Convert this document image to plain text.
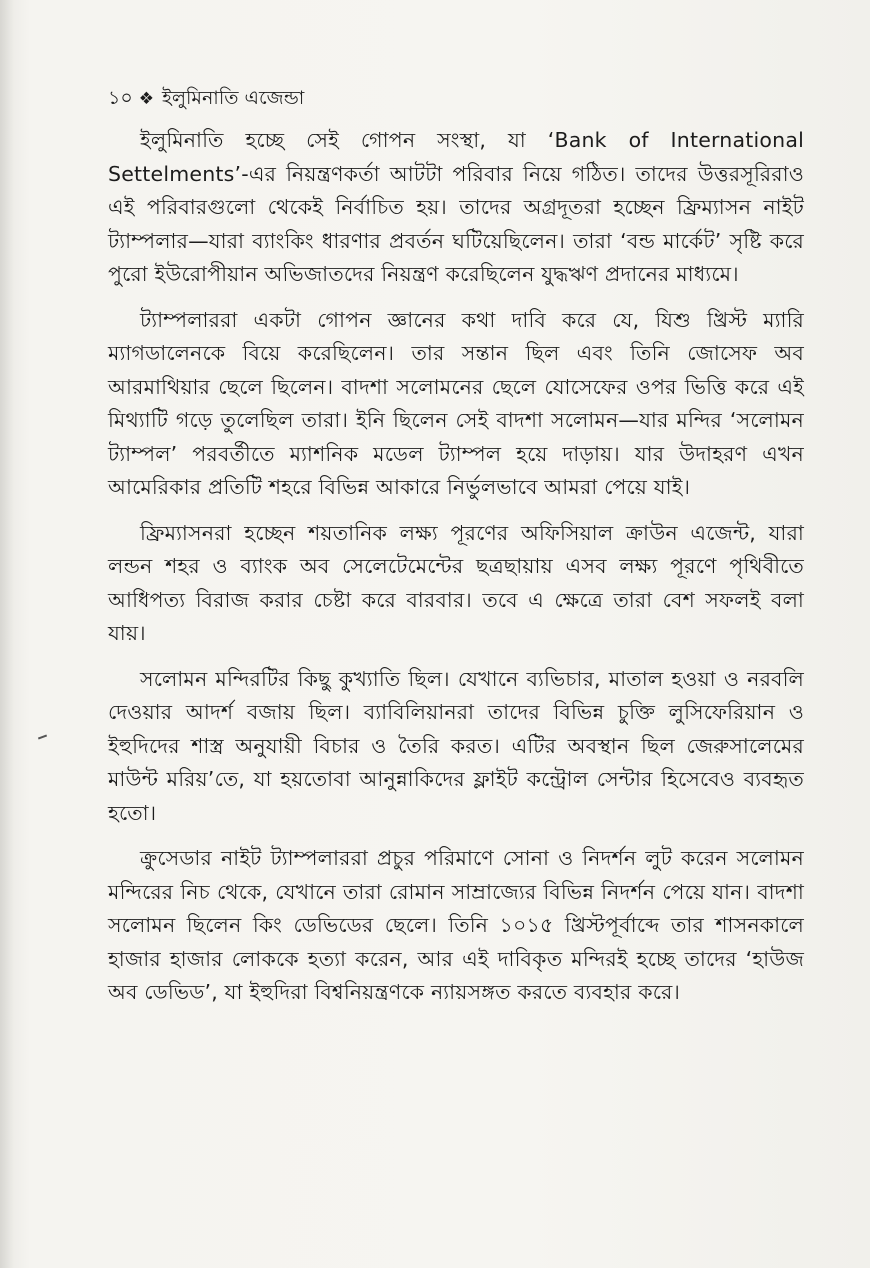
১০ ❖ ইলুমিনাতি এজেন্ডা

ইলুমিনাতি হচ্ছে সেই গোপন সংস্থা, যা ‘Bank of International Settelments’-এর নিয়ন্ত্রণকর্তা আটটা পরিবার নিয়ে গঠিত। তাদের উত্তরসূরিরাও এই পরিবারগুলো থেকেই নির্বাচিত হয়। তাদের অগ্রদূতরা হচ্ছেন ফ্রিম্যাসন নাইট ট্যাম্পলার—যারা ব্যাংকিং ধারণার প্রবর্তন ঘটিয়েছিলেন। তারা ‘বন্ড মার্কেট’ সৃষ্টি করে পুরো ইউরোপীয়ান অভিজাতদের নিয়ন্ত্রণ করেছিলেন যুদ্ধঋণ প্রদানের মাধ্যমে।

ট্যাম্পলাররা একটা গোপন জ্ঞানের কথা দাবি করে যে, যিশু খ্রিস্ট ম্যারি ম্যাগডালেনকে বিয়ে করেছিলেন। তার সন্তান ছিল এবং তিনি জোসেফ অব আরমাথিয়ার ছেলে ছিলেন। বাদশা সলোমনের ছেলে যোসেফের ওপর ভিত্তি করে এই মিথ্যাটি গড়ে তুলেছিল তারা। ইনি ছিলেন সেই বাদশা সলোমন—যার মন্দির ‘সলোমন ট্যাম্পল’ পরবর্তীতে ম্যাশনিক মডেল ট্যাম্পল হয়ে দাড়ায়। যার উদাহরণ এখন আমেরিকার প্রতিটি শহরে বিভিন্ন আকারে নির্ভুলভাবে আমরা পেয়ে যাই।

ফ্রিম্যাসনরা হচ্ছেন শয়তানিক লক্ষ্য পূরণের অফিসিয়াল ক্রাউন এজেন্ট, যারা লন্ডন শহর ও ব্যাংক অব সেলেটেমেন্টের ছত্রছায়ায় এসব লক্ষ্য পূরণে পৃথিবীতে আধিপত্য বিরাজ করার চেষ্টা করে বারবার। তবে এ ক্ষেত্রে তারা বেশ সফলই বলা যায়।

সলোমন মন্দিরটির কিছু কুখ্যাতি ছিল। যেখানে ব্যভিচার, মাতাল হওয়া ও নরবলি দেওয়ার আদর্শ বজায় ছিল। ব্যাবিলিয়ানরা তাদের বিভিন্ন চুক্তি লুসিফেরিয়ান ও ইহুদিদের শাস্ত্র অনুযায়ী বিচার ও তৈরি করত। এটির অবস্থান ছিল জেরুসালেমের মাউন্ট মরিয়’তে, যা হয়তোবা আনুন্নাকিদের ফ্লাইট কন্ট্রোল সেন্টার হিসেবেও ব্যবহৃত হতো।

ক্রুসেডার নাইট ট্যাম্পলাররা প্রচুর পরিমাণে সোনা ও নিদর্শন লুট করেন সলোমন মন্দিরের নিচ থেকে, যেখানে তারা রোমান সাম্রাজ্যের বিভিন্ন নিদর্শন পেয়ে যান। বাদশা সলোমন ছিলেন কিং ডেভিডের ছেলে। তিনি ১০১৫ খ্রিস্টপূর্বাব্দে তার শাসনকালে হাজার হাজার লোককে হত্যা করেন, আর এই দাবিকৃত মন্দিরই হচ্ছে তাদের ‘হাউজ অব ডেভিড’, যা ইহুদিরা বিশ্বনিয়ন্ত্রণকে ন্যায়সঙ্গত করতে ব্যবহার করে।
